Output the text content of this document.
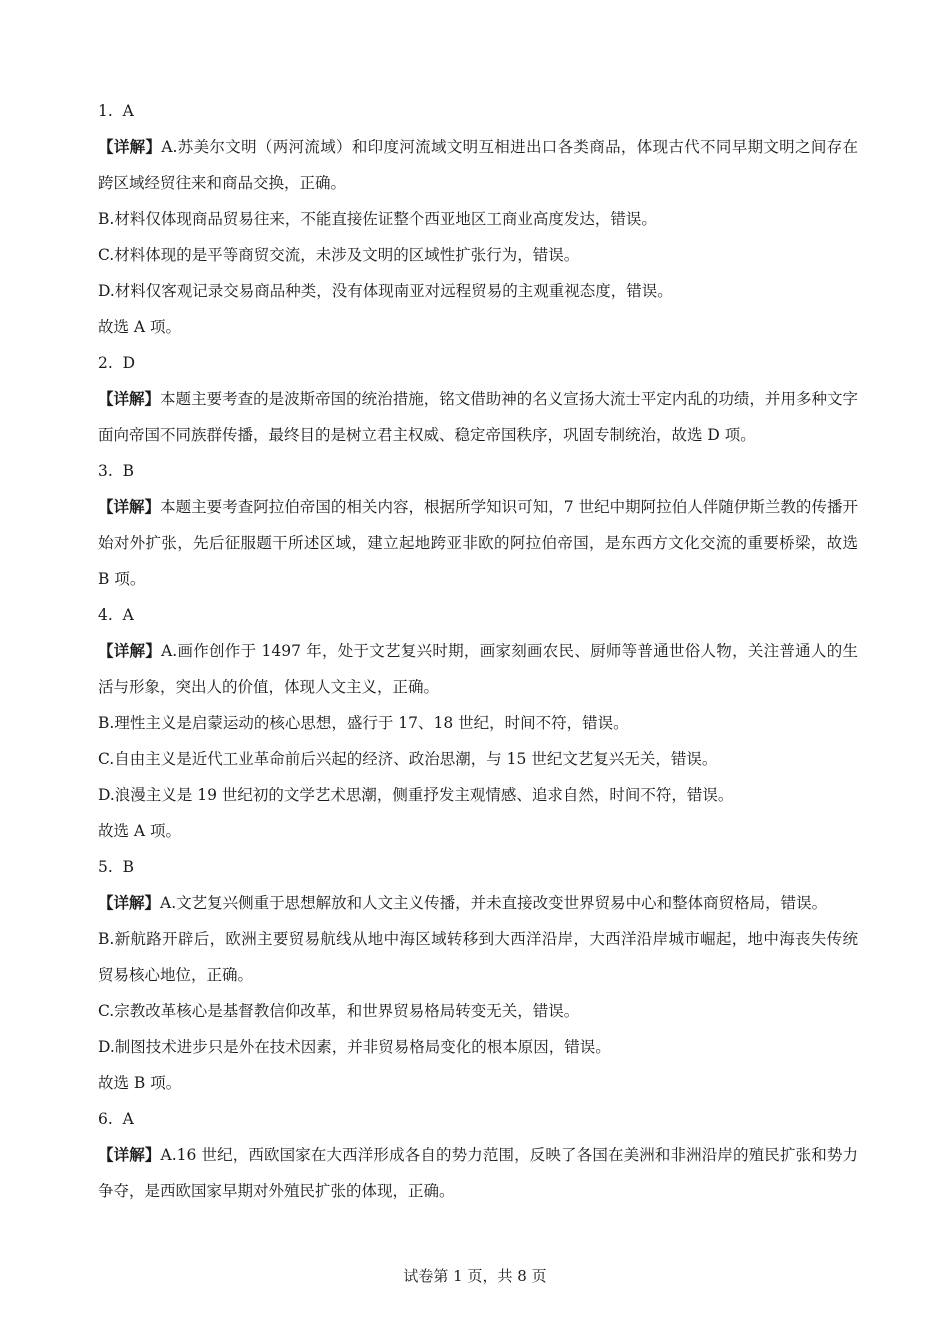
1. A
【详解】A.苏美尔文明（两河流域）和印度河流域文明互相进出口各类商品，体现古代不同早期文明之间存在跨区域经贸往来和商品交换，正确。
B.材料仅体现商品贸易往来，不能直接佐证整个西亚地区工商业高度发达，错误。
C.材料体现的是平等商贸交流，未涉及文明的区域性扩张行为，错误。
D.材料仅客观记录交易商品种类，没有体现南亚对远程贸易的主观重视态度，错误。
故选 A 项。
2. D
【详解】本题主要考查的是波斯帝国的统治措施，铭文借助神的名义宣扬大流士平定内乱的功绩，并用多种文字面向帝国不同族群传播，最终目的是树立君主权威、稳定帝国秩序，巩固专制统治，故选 D 项。
3. B
【详解】本题主要考查阿拉伯帝国的相关内容，根据所学知识可知，7 世纪中期阿拉伯人伴随伊斯兰教的传播开始对外扩张，先后征服题干所述区域，建立起地跨亚非欧的阿拉伯帝国，是东西方文化交流的重要桥梁，故选 B 项。
4. A
【详解】A.画作创作于 1497 年，处于文艺复兴时期，画家刻画农民、厨师等普通世俗人物，关注普通人的生活与形象，突出人的价值，体现人文主义，正确。
B.理性主义是启蒙运动的核心思想，盛行于 17、18 世纪，时间不符，错误。
C.自由主义是近代工业革命前后兴起的经济、政治思潮，与 15 世纪文艺复兴无关，错误。
D.浪漫主义是 19 世纪初的文学艺术思潮，侧重抒发主观情感、追求自然，时间不符，错误。
故选 A 项。
5. B
【详解】A.文艺复兴侧重于思想解放和人文主义传播，并未直接改变世界贸易中心和整体商贸格局，错误。
B.新航路开辟后，欧洲主要贸易航线从地中海区域转移到大西洋沿岸，大西洋沿岸城市崛起，地中海丧失传统贸易核心地位，正确。
C.宗教改革核心是基督教信仰改革，和世界贸易格局转变无关，错误。
D.制图技术进步只是外在技术因素，并非贸易格局变化的根本原因，错误。
故选 B 项。
6. A
【详解】A.16 世纪，西欧国家在大西洋形成各自的势力范围，反映了各国在美洲和非洲沿岸的殖民扩张和势力争夺，是西欧国家早期对外殖民扩张的体现，正确。
试卷第 1 页，共 8 页
